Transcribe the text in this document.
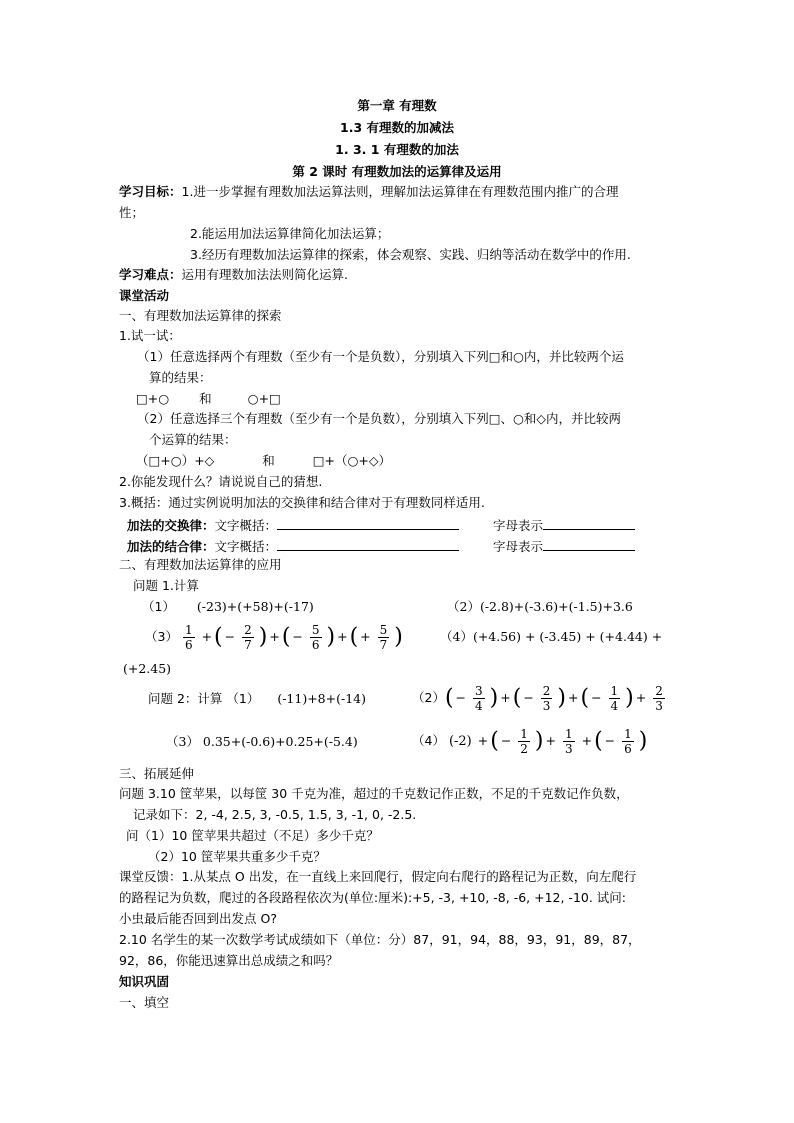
第一章 有理数
1.3 有理数的加减法
1. 3. 1 有理数的加法
第 2 课时 有理数加法的运算律及运用
学习目标：1.进一步掌握有理数加法运算法则，理解加法运算律在有理数范围内推广的合理
性；
2.能运用加法运算律简化加法运算；
3.经历有理数加法运算律的探索，体会观察、实践、归纳等活动在数学中的作用.
学习难点：运用有理数加法法则简化运算.
课堂活动
一、有理数加法运算律的探索
1.试一试：
（1）任意选择两个有理数（至少有一个是负数），分别填入下列□和○内，并比较两个运
算的结果：
□+○ 和	○+□
（2）任意选择三个有理数（至少有一个是负数），分别填入下列□、○和◇内，并比较两
个运算的结果：
（□+○）+◇	和	□+（○+◇）
2.你能发现什么？请说说自己的猜想.
3.概括：通过实例说明加法的交换律和结合律对于有理数同样适用.
加法的交换律：文字概括：	字母表示
加法的结合律：文字概括：	字母表示
二、有理数加法运算律的应用
问题 1.计算
（1） (-23)+(+58)+(-17)	（2）(-2.8)+(-3.6)+(-1.5)+3.6
$(3) \frac{1}{6}$ +( − $\frac{2}{7}$ ) +( − $\frac{5}{6}$ ) +( + $\frac{5}{7}$ )	（4）(+4.56) + (-3.45) + (+4.44) +
(+2.45)
问题 2：计算 （1） (-11)+8+(-14)	$(2)( - \frac{3}{4}$ ) +( − $\frac{2}{3}$ ) +( − $\frac{1}{4}$ ) + $\frac{2}{3}$
（3） 0.35+(-0.6)+0.25+(-5.4)	（4） (-2) +( − $\frac{1}{2}$ ) + $\frac{1}{3}$ +( − $\frac{1}{6}$ )
三、拓展延伸
问题 3.10 筐苹果，以每筐 30 千克为准，超过的千克数记作正数，不足的千克数记作负数，
记录如下：2, -4, 2.5, 3, -0.5, 1.5, 3, -1, 0, -2.5.
问（1）10 筐苹果共超过（不足）多少千克？
（2）10 筐苹果共重多少千克？
课堂反馈：1.从某点 O 出发，在一直线上来回爬行，假定向右爬行的路程记为正数，向左爬行
的路程记为负数，爬过的各段路程依次为(单位:厘米):+5, -3, +10, -8, -6, +12, -10. 试问:
小虫最后能否回到出发点 O?
2.10 名学生的某一次数学考试成绩如下（单位：分）87，91，94，88，93，91，89，87，
92，86，你能迅速算出总成绩之和吗？
知识巩固
一、填空
